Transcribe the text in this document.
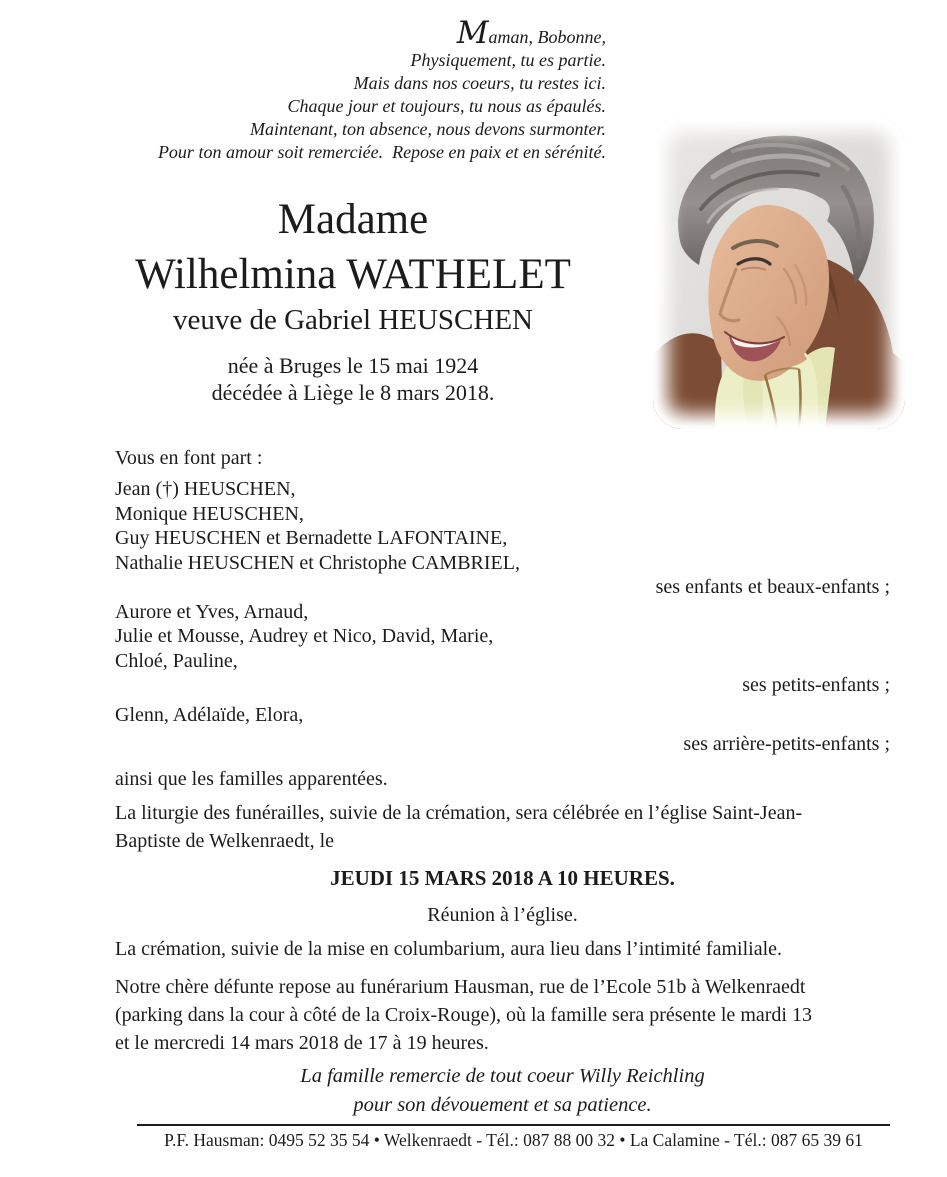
Maman, Bobonne,
Physiquement, tu es partie.
Mais dans nos coeurs, tu restes ici.
Chaque jour et toujours, tu nous as épaulés.
Maintenant, ton absence, nous devons surmonter.
Pour ton amour soit remerciée.  Repose en paix et en sérénité.
Madame
Wilhelmina WATHELET
veuve de Gabriel HEUSCHEN
née à Bruges le 15 mai 1924
décédée à Liège le 8 mars 2018.
Vous en font part :
Jean (†) HEUSCHEN,
Monique HEUSCHEN,
Guy HEUSCHEN et Bernadette LAFONTAINE,
Nathalie HEUSCHEN et Christophe CAMBRIEL,
ses enfants et beaux-enfants ;
Aurore et Yves, Arnaud,
Julie et Mousse, Audrey et Nico, David, Marie,
Chloé, Pauline,
ses petits-enfants ;
Glenn, Adélaïde, Elora,
ses arrière-petits-enfants ;
ainsi que les familles apparentées.
La liturgie des funérailles, suivie de la crémation, sera célébrée en l’église Saint-Jean-
Baptiste de Welkenraedt, le
JEUDI 15 MARS 2018 A 10 HEURES.
Réunion à l’église.
La crémation, suivie de la mise en columbarium, aura lieu dans l’intimité familiale.
Notre chère défunte repose au funérarium Hausman, rue de l’Ecole 51b à Welkenraedt
(parking dans la cour à côté de la Croix-Rouge), où la famille sera présente le mardi 13
et le mercredi 14 mars 2018 de 17 à 19 heures.
La famille remercie de tout coeur Willy Reichling
pour son dévouement et sa patience.
P.F. Hausman: 0495 52 35 54 • Welkenraedt - Tél.: 087 88 00 32 • La Calamine - Tél.: 087 65 39 61
